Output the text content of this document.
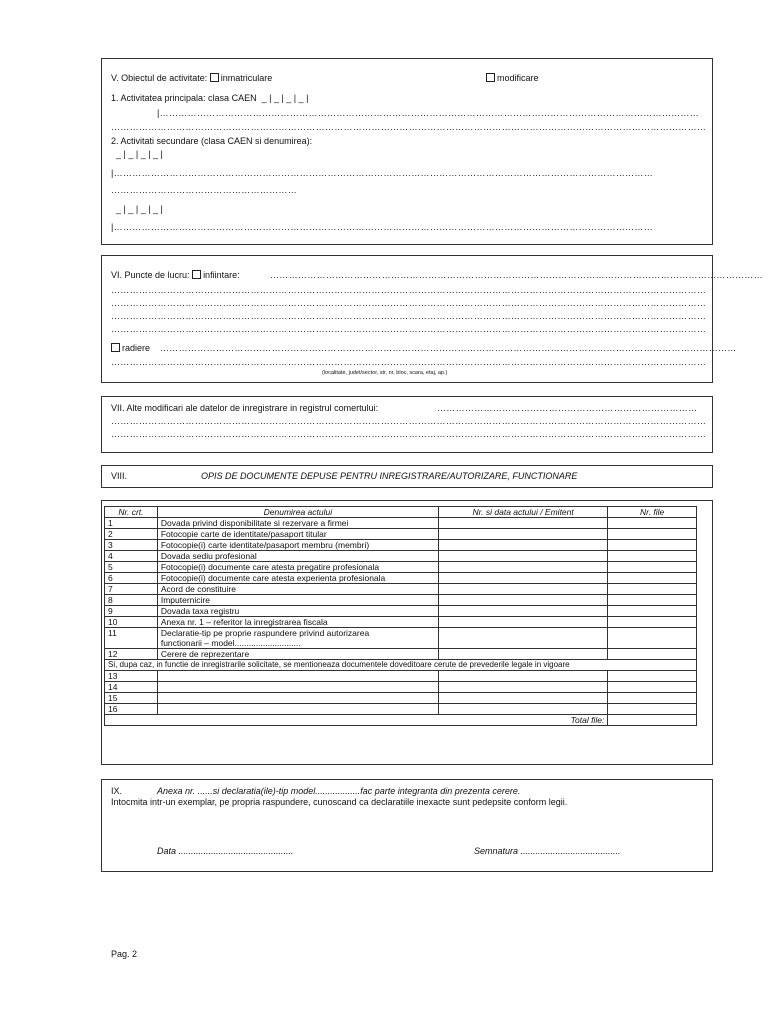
V. Obiectul de activitate: inmatriculare	modificare
1. Activitatea principala: clasa CAEN _ | _ | _ | _ |
|…………………………………………………………………………………………………………………………………………………………
…………………………………………………………………………………………………………………………………………………………………………
2. Activitati secundare (clasa CAEN si denumirea):
_ | _ | _ | _ |
|…………………………………………………………………………………………………………………………………………………………
……………………………………………………
_ | _ | _ | _ |
|…………………………………………………………………………………………………………………………………………………………
VI. Puncte de lucru: infiintare:	……………………………………………………………………………………………………………………………………………
…………………………………………………………………………………………………………………………………………………………………………
…………………………………………………………………………………………………………………………………………………………………………
…………………………………………………………………………………………………………………………………………………………………………
…………………………………………………………………………………………………………………………………………………………………………
radiere ……………………………………………………………………………………………………………………………………………………………………
…………………………………………………………………………………………………………………………………………………………………………
(localitate, judet/sector, str, nr, bloc, scara, etaj, ap.)
VII. Alte modificari ale datelor de inregistrare in registrul comertului:	…………………………………………………………………………
…………………………………………………………………………………………………………………………………………………………………………
…………………………………………………………………………………………………………………………………………………………………………
VIII.	OPIS DE DOCUMENTE DEPUSE PENTRU INREGISTRARE/AUTORIZARE, FUNCTIONARE
Nr. crt.	Denumirea actului	Nr. si data actului / Emitent	Nr. file
1	Dovada privind disponibilitate si rezervare a firmei		
2	Fotocopie carte de identitate/pasaport titular		
3	Fotocopie(i) carte identitate/pasaport membru (membri)		
4	Dovada sediu profesional		
5	Fotocopie(i) documente care atesta pregatire profesionala		
6	Fotocopie(i) documente care atesta experienta profesionala		
7	Acord de constituire		
8	Imputernicire		
9	Dovada taxa registru		
10	Anexa nr. 1 – referitor la inregistrarea fiscala		
11	Declaratie-tip pe proprie raspundere privind autorizarea
functionarii – model............................		

12	Cerere de reprezentare		
Si, dupa caz, in functie de inregistrarile solicitate, se mentioneaza documentele doveditoare cerute de prevederile legale in vigoare			
13			
14			
15			
16			
Total file:			
IX.	Anexa nr. ......si declaratia(ile)-tip model..................fac parte integranta din prezenta cerere.
Intocmita intr-un exemplar, pe propria raspundere, cunoscand ca declaratiile inexacte sunt pedepsite conform legii.
Data ..............................................	Semnatura ........................................
Pag. 2
